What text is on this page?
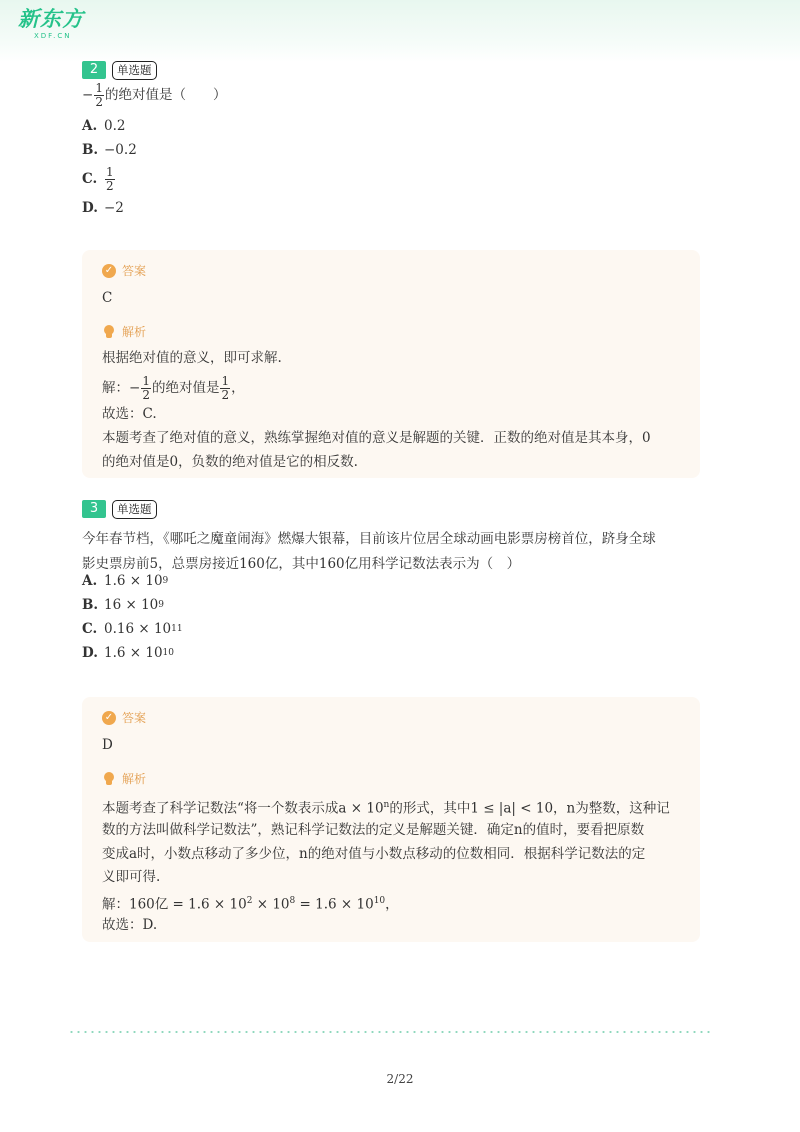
新东方
XDF.CN
2	单选题
− $\frac{1}{2}$ 的绝对值是（　　）
A. 0.2
B. −0.2
C. $\frac{1}{2}$
D. −2
✓ 答案
C
解析
根据绝对值的意义，即可求解.
解：− $\frac{1}{2}$ 的绝对值是 $\frac{1}{2}$ ，
故选：C.
本题考查了绝对值的意义，熟练掌握绝对值的意义是解题的关键．正数的绝对值是其本身，0
的绝对值是0，负数的绝对值是它的相反数.
3	单选题
今年春节档，《哪吒之魔童闹海》燃爆大银幕，目前该片位居全球动画电影票房榜首位，跻身全球
影史票房前5，总票房接近160亿，其中160亿用科学记数法表示为（　）
A. 1.6 × 10 9
B. 16 × 10 9
C. 0.16 × 10 11
D. 1.6 × 10 10
✓ 答案
D
解析
本题考查了科学记数法“将一个数表示成$a \times 10^n$的形式，其中1 ≤ |a| < 10，n为整数，这种记
数的方法叫做科学记数法”，熟记科学记数法的定义是解题关键．确定n的值时，要看把原数
变成a时，小数点移动了多少位，n的绝对值与小数点移动的位数相同．根据科学记数法的定
义即可得.
解：160亿 = $1.6 \times 10^2 \times 10^8 = 1.6 \times 10^{10}$，
故选：D.
2/22
